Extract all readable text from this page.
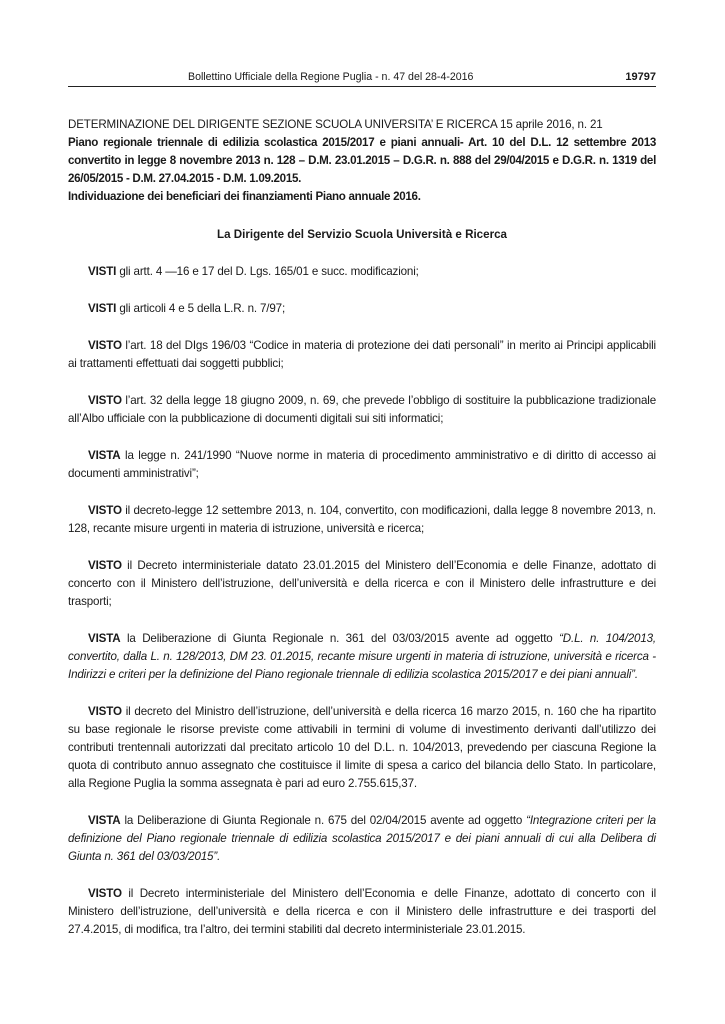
Bollettino Ufficiale della Regione Puglia - n. 47 del 28-4-2016	19797

DETERMINAZIONE DEL DIRIGENTE SEZIONE SCUOLA UNIVERSITA’ E RICERCA 15 aprile 2016, n. 21

Piano regionale triennale di edilizia scolastica 2015/2017 e piani annuali- Art. 10 del D.L. 12 settembre 2013 convertito in legge 8 novembre 2013 n. 128 – D.M. 23.01.2015 – D.G.R. n. 888 del 29/04/2015 e D.G.R. n. 1319 del 26/05/2015 - D.M. 27.04.2015 - D.M. 1.09.2015.

Individuazione dei beneficiari dei finanziamenti Piano annuale 2016.

La Dirigente del Servizio Scuola Università e Ricerca

VISTI gli artt. 4 —16 e 17 del D. Lgs. 165/01 e succ. modificazioni;

VISTI gli articoli 4 e 5 della L.R. n. 7/97;

VISTO l’art. 18 del DIgs 196/03 “Codice in materia di protezione dei dati personali” in merito ai Principi applicabili ai trattamenti effettuati dai soggetti pubblici;

VISTO l’art. 32 della legge 18 giugno 2009, n. 69, che prevede l’obbligo di sostituire la pubblicazione tradizionale all’Albo ufficiale con la pubblicazione di documenti digitali sui siti informatici;

VISTA la legge n. 241/1990 “Nuove norme in materia di procedimento amministrativo e di diritto di accesso ai documenti amministrativi”;

VISTO il decreto-legge 12 settembre 2013, n. 104, convertito, con modificazioni, dalla legge 8 novembre 2013, n. 128, recante misure urgenti in materia di istruzione, università e ricerca;

VISTO il Decreto interministeriale datato 23.01.2015 del Ministero dell’Economia e delle Finanze, adottato di concerto con il Ministero dell’istruzione, dell’università e della ricerca e con il Ministero delle infrastrutture e dei trasporti;

VISTA la Deliberazione di Giunta Regionale n. 361 del 03/03/2015 avente ad oggetto “D.L. n. 104/2013, convertito, dalla L. n. 128/2013, DM 23. 01.2015, recante misure urgenti in materia di istruzione, università e ricerca - Indirizzi e criteri per la definizione del Piano regionale triennale di edilizia scolastica 2015/2017 e dei piani annuali”.

VISTO il decreto del Ministro dell’istruzione, dell’università e della ricerca 16 marzo 2015, n. 160 che ha ripartito su base regionale le risorse previste come attivabili in termini di volume di investimento derivanti dall’utilizzo dei contributi trentennali autorizzati dal precitato articolo 10 del D.L. n. 104/2013, prevedendo per ciascuna Regione la quota di contributo annuo assegnato che costituisce il limite di spesa a carico del bilancia dello Stato. In particolare, alla Regione Puglia la somma assegnata è pari ad euro 2.755.615,37.

VISTA la Deliberazione di Giunta Regionale n. 675 del 02/04/2015 avente ad oggetto “Integrazione criteri per la definizione del Piano regionale triennale di edilizia scolastica 2015/2017 e dei piani annuali di cui alla Delibera di Giunta n. 361 del 03/03/2015”.

VISTO il Decreto interministeriale del Ministero dell’Economia e delle Finanze, adottato di concerto con il Ministero dell’istruzione, dell’università e della ricerca e con il Ministero delle infrastrutture e dei trasporti del 27.4.2015, di modifica, tra l’altro, dei termini stabiliti dal decreto interministeriale 23.01.2015.
